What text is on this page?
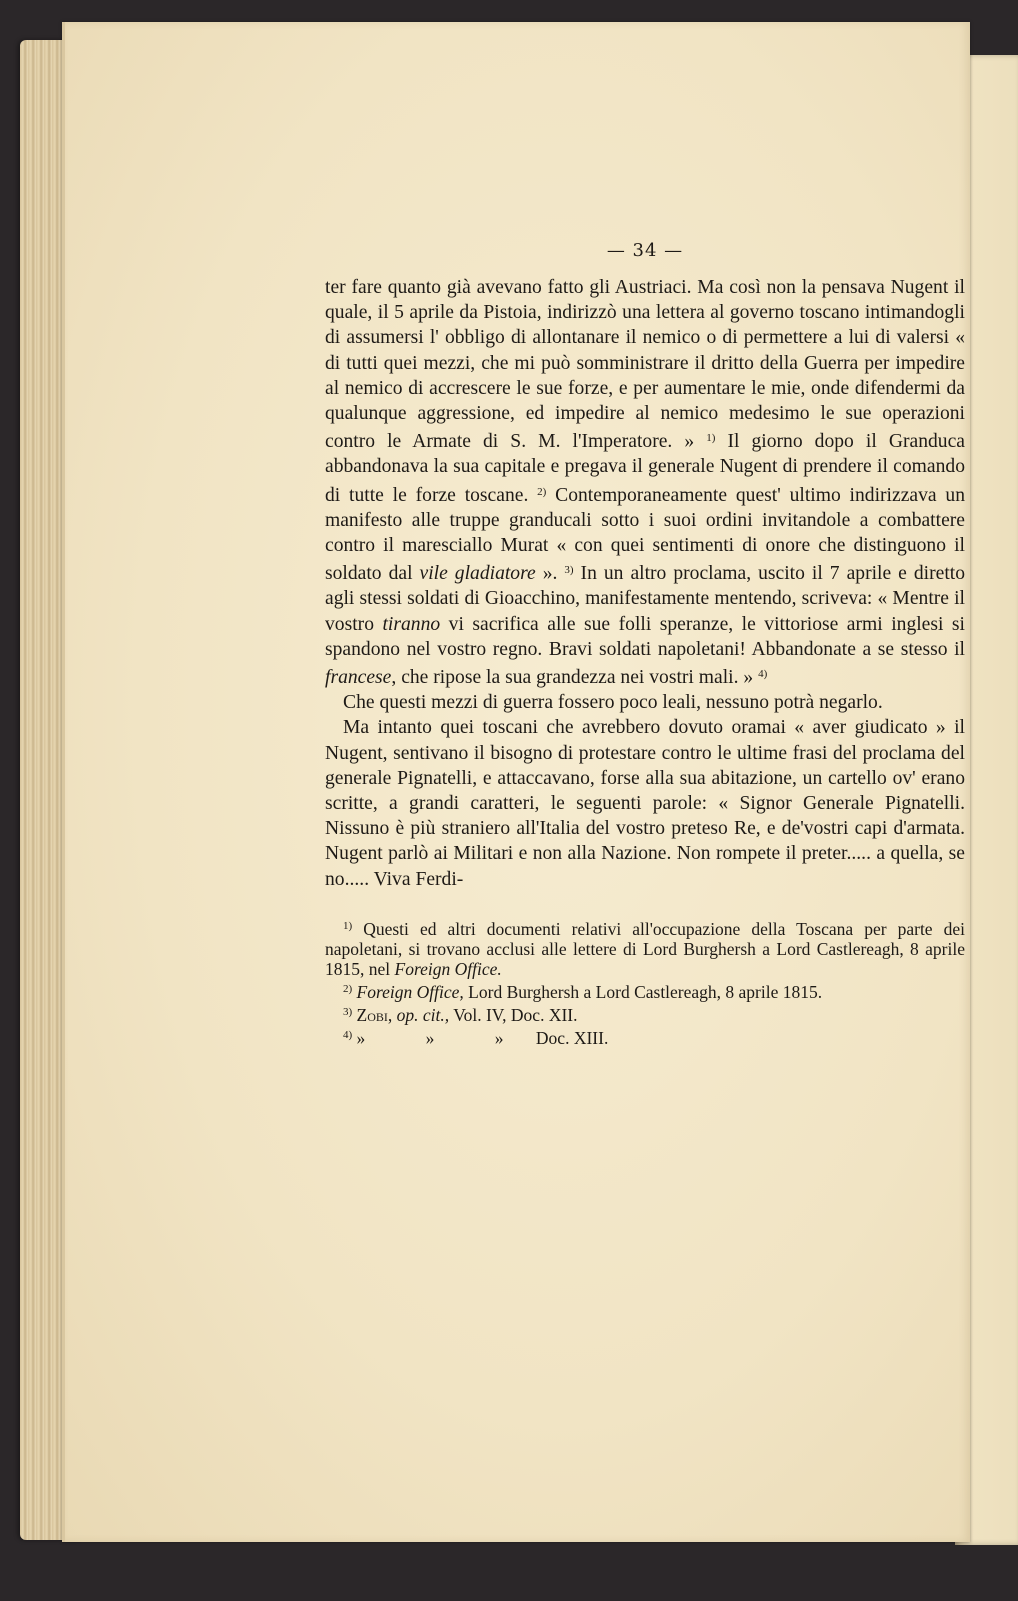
— 34 —

ter fare quanto già avevano fatto gli Austriaci. Ma così non la pensava Nugent il quale, il 5 aprile da Pistoia, indirizzò una lettera al governo toscano intimandogli di assumersi l' obbligo di allontanare il nemico o di permettere a lui di valersi « di tutti quei mezzi, che mi può somministrare il dritto della Guerra per impedire al nemico di accrescere le sue forze, e per aumentare le mie, onde difendermi da qualunque aggressione, ed impedire al nemico medesimo le sue operazioni contro le Armate di S. M. l'Imperatore. » $^{1)}$ Il giorno dopo il Granduca abbandonava la sua capitale e pregava il generale Nugent di prendere il comando di tutte le forze toscane. $^{2)}$ Contemporaneamente quest' ultimo indirizzava un manifesto alle truppe granducali sotto i suoi ordini invitandole a combattere contro il maresciallo Murat « con quei sentimenti di onore che distinguono il soldato dal vile gladiatore ». $^{3)}$ In un altro proclama, uscito il 7 aprile e diretto agli stessi soldati di Gioacchino, manifestamente mentendo, scriveva: « Mentre il vostro tiranno vi sacrifica alle sue folli speranze, le vittoriose armi inglesi si spandono nel vostro regno. Bravi soldati napoletani! Abbandonate a se stesso il francese, che ripose la sua grandezza nei vostri mali. » $^{4)}$

Che questi mezzi di guerra fossero poco leali, nessuno potrà negarlo.

Ma intanto quei toscani che avrebbero dovuto oramai « aver giudicato » il Nugent, sentivano il bisogno di protestare contro le ultime frasi del proclama del generale Pignatelli, e attaccavano, forse alla sua abitazione, un cartello ov' erano scritte, a grandi caratteri, le seguenti parole: « Signor Generale Pignatelli. Nissuno è più straniero all'Italia del vostro preteso Re, e de'vostri capi d'armata. Nugent parlò ai Militari e non alla Nazione. Non rompete il preter..... a quella, se no..... Viva Ferdi-

$^{1)}$ Questi ed altri documenti relativi all'occupazione della Toscana per parte dei napoletani, si trovano acclusi alle lettere di Lord Burghersh a Lord Castlereagh, 8 aprile 1815, nel Foreign Office.

$^{2)}$ Foreign Office, Lord Burghersh a Lord Castlereagh, 8 aprile 1815.

$^{3)}$ Zobi, op. cit., Vol. IV, Doc. XII.

$^{4)}$ » » » Doc. XIII.
